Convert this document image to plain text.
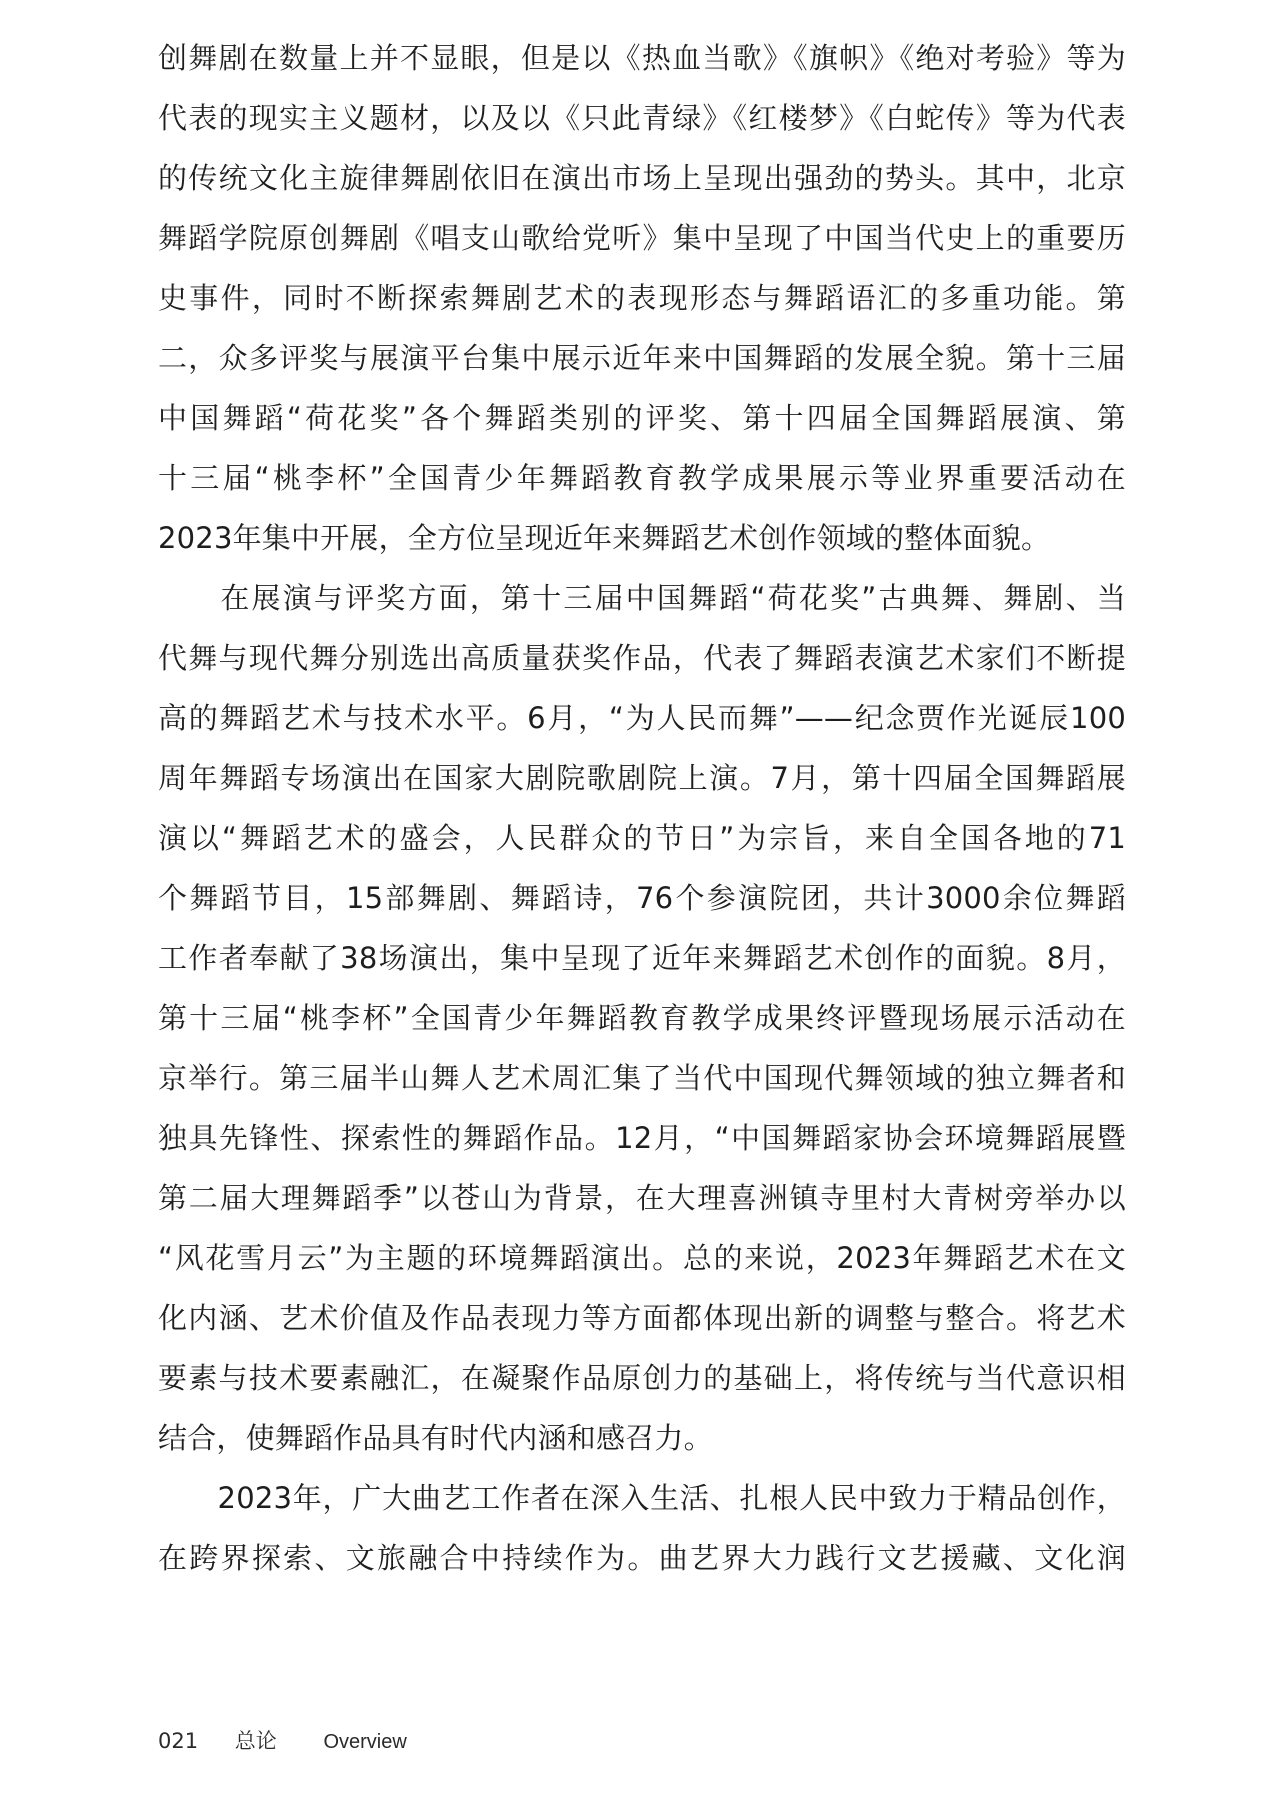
创舞剧在数量上并不显眼，但是以《热血当歌》《旗帜》《绝对考验》等为
代表的现实主义题材，以及以《只此青绿》《红楼梦》《白蛇传》等为代表
的传统文化主旋律舞剧依旧在演出市场上呈现出强劲的势头。其中，北京
舞蹈学院原创舞剧《唱支山歌给党听》集中呈现了中国当代史上的重要历
史事件，同时不断探索舞剧艺术的表现形态与舞蹈语汇的多重功能。第
二，众多评奖与展演平台集中展示近年来中国舞蹈的发展全貌。第十三届
中国舞蹈“荷花奖”各个舞蹈类别的评奖、第十四届全国舞蹈展演、第
十三届“桃李杯”全国青少年舞蹈教育教学成果展示等业界重要活动在
2023年集中开展，全方位呈现近年来舞蹈艺术创作领域的整体面貌。
　　在展演与评奖方面，第十三届中国舞蹈“荷花奖”古典舞、舞剧、当
代舞与现代舞分别选出高质量获奖作品，代表了舞蹈表演艺术家们不断提
高的舞蹈艺术与技术水平。6月，“为人民而舞”——纪念贾作光诞辰100
周年舞蹈专场演出在国家大剧院歌剧院上演。7月，第十四届全国舞蹈展
演以“舞蹈艺术的盛会，人民群众的节日”为宗旨，来自全国各地的71
个舞蹈节目，15部舞剧、舞蹈诗，76个参演院团，共计3000余位舞蹈
工作者奉献了38场演出，集中呈现了近年来舞蹈艺术创作的面貌。8月，
第十三届“桃李杯”全国青少年舞蹈教育教学成果终评暨现场展示活动在
京举行。第三届半山舞人艺术周汇集了当代中国现代舞领域的独立舞者和
独具先锋性、探索性的舞蹈作品。12月，“中国舞蹈家协会环境舞蹈展暨
第二届大理舞蹈季”以苍山为背景，在大理喜洲镇寺里村大青树旁举办以
“风花雪月云”为主题的环境舞蹈演出。总的来说，2023年舞蹈艺术在文
化内涵、艺术价值及作品表现力等方面都体现出新的调整与整合。将艺术
要素与技术要素融汇，在凝聚作品原创力的基础上，将传统与当代意识相
结合，使舞蹈作品具有时代内涵和感召力。
　　2023年，广大曲艺工作者在深入生活、扎根人民中致力于精品创作，
在跨界探索、文旅融合中持续作为。曲艺界大力践行文艺援藏、文化润
021 总论 Overview
